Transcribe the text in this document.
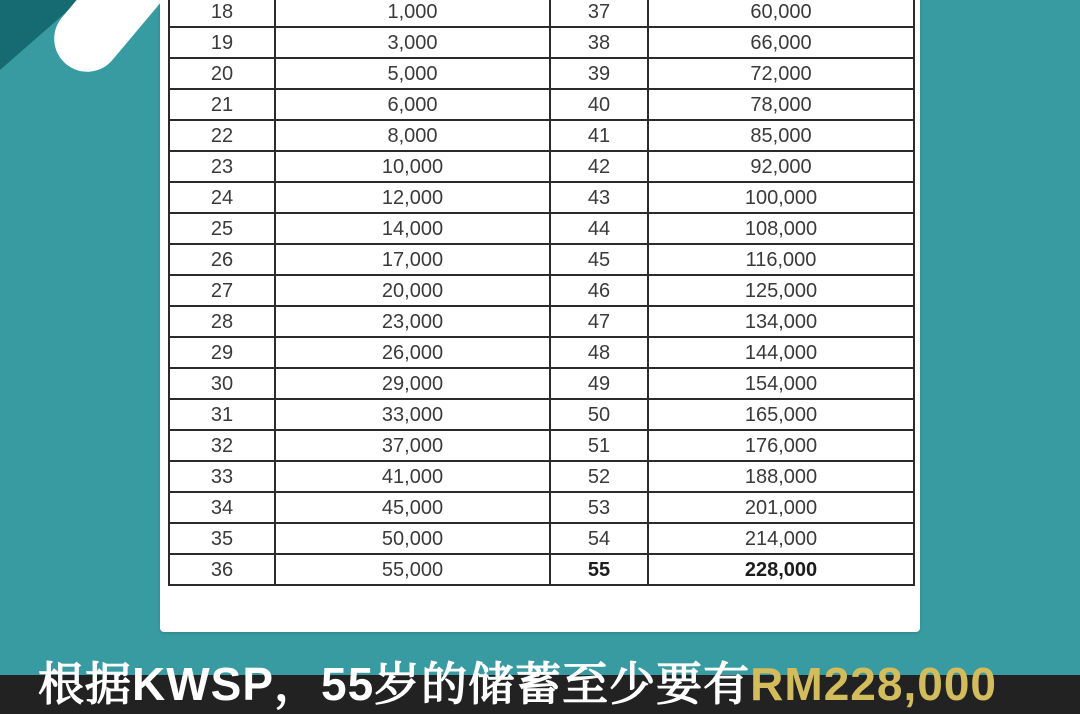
18	1,000	37	60,000
19	3,000	38	66,000
20	5,000	39	72,000
21	6,000	40	78,000
22	8,000	41	85,000
23	10,000	42	92,000
24	12,000	43	100,000
25	14,000	44	108,000
26	17,000	45	116,000
27	20,000	46	125,000
28	23,000	47	134,000
29	26,000	48	144,000
30	29,000	49	154,000
31	33,000	50	165,000
32	37,000	51	176,000
33	41,000	52	188,000
34	45,000	53	201,000
35	50,000	54	214,000
36	55,000	55	228,000
根据KWSP，55岁的储蓄至少要有RM228,000
